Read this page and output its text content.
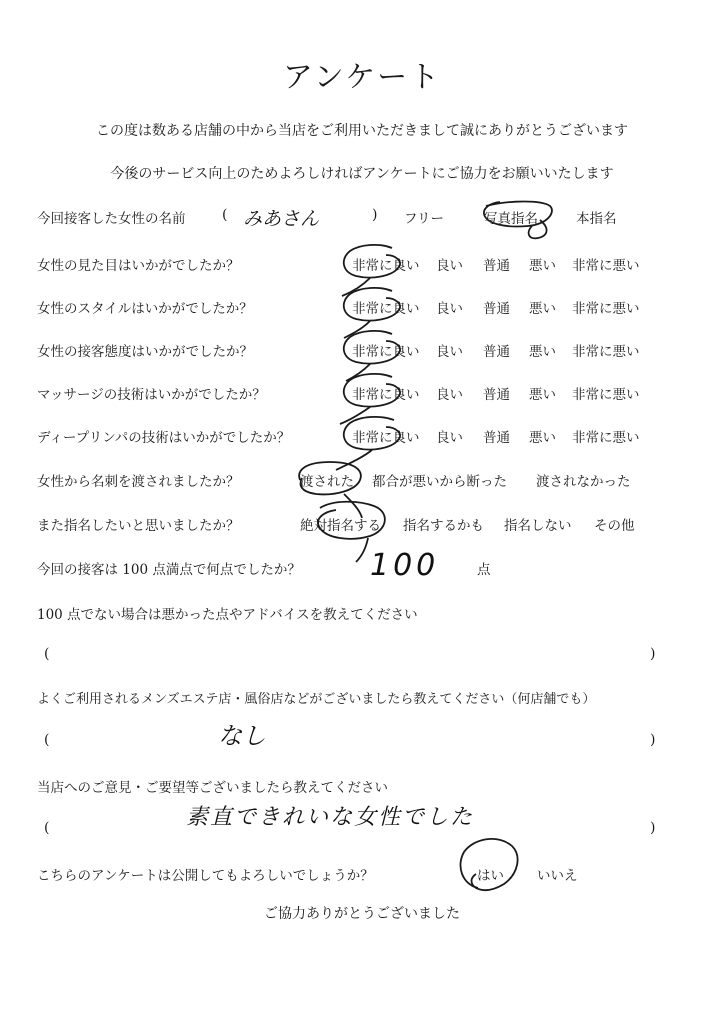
アンケート
この度は数ある店舗の中から当店をご利用いただきまして誠にありがとうございます
今後のサービス向上のためよろしければアンケートにご協力をお願いいたします
今回接客した女性の名前	( みあさん	) フリー	写真指名	本指名
女性の見た目はいかがでしたか？	非常に良い 良い 普通 悪い 非常に悪い
女性のスタイルはいかがでしたか？	非常に良い 良い 普通 悪い 非常に悪い
女性の接客態度はいかがでしたか？	非常に良い 良い 普通 悪い 非常に悪い
マッサージの技術はいかがでしたか？	非常に良い 良い 普通 悪い 非常に悪い
ディープリンパの技術はいかがでしたか？	非常に良い 良い 普通 悪い 非常に悪い
女性から名刺を渡されましたか？	渡された 都合が悪いから断った 渡されなかった
また指名したいと思いましたか？	絶対指名する 指名するかも 指名しない その他
今回の接客は 100 点満点で何点でしたか？ 100	点
100 点でない場合は悪かった点やアドバイスを教えてください
(	)
よくご利用されるメンズエステ店・風俗店などがございましたら教えてください（何店舗でも）
(	なし	)
当店へのご意見・ご要望等ございましたら教えてください
(	素直できれいな女性でした	)
こちらのアンケートは公開してもよろしいでしょうか？	はい いいえ
ご協力ありがとうございました
